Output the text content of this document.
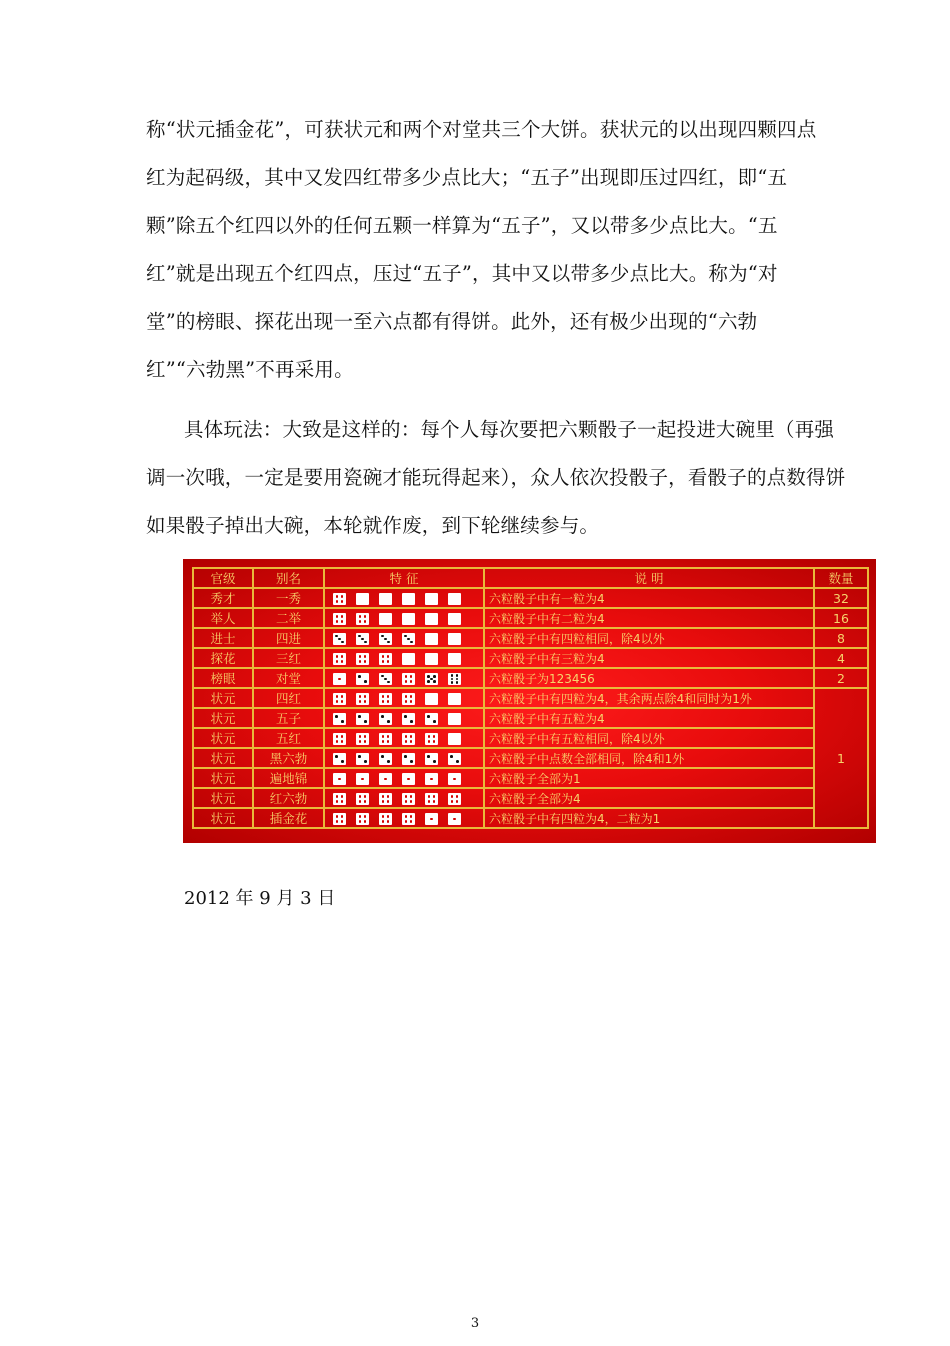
称“状元插金花”，可获状元和两个对堂共三个大饼。获状元的以出现四颗四点
红为起码级，其中又发四红带多少点比大；“五子”出现即压过四红，即“五
颗”除五个红四以外的任何五颗一样算为“五子”，又以带多少点比大。“五
红”就是出现五个红四点，压过“五子”，其中又以带多少点比大。称为“对
堂”的榜眼、探花出现一至六点都有得饼。此外，还有极少出现的“六勃
红”“六勃黑”不再采用。
具体玩法：大致是这样的：每个人每次要把六颗骰子一起投进大碗里（再强
调一次哦，一定是要用瓷碗才能玩得起来），众人依次投骰子，看骰子的点数得饼
如果骰子掉出大碗，本轮就作废，到下轮继续参与。
官级	别名	特 征	说 明	数量
秀才	一秀		六粒骰子中有一粒为4	32
举人	二举		六粒骰子中有二粒为4	16
进士	四进		六粒骰子中有四粒相同，除4以外	8
探花	三红		六粒骰子中有三粒为4	4
榜眼	对堂		六粒骰子为123456	2
状元	四红		六粒骰子中有四粒为4，其余两点除4和同时为1外	1
状元	五子		六粒骰子中有五粒为4	
状元	五红		六粒骰子中有五粒相同，除4以外	
状元	黑六勃		六粒骰子中点数全部相同，除4和1外	
状元	遍地锦		六粒骰子全部为1	
状元	红六勃		六粒骰子全部为4	
状元	插金花		六粒骰子中有四粒为4，二粒为1	

2012 年 9 月 3 日

3
